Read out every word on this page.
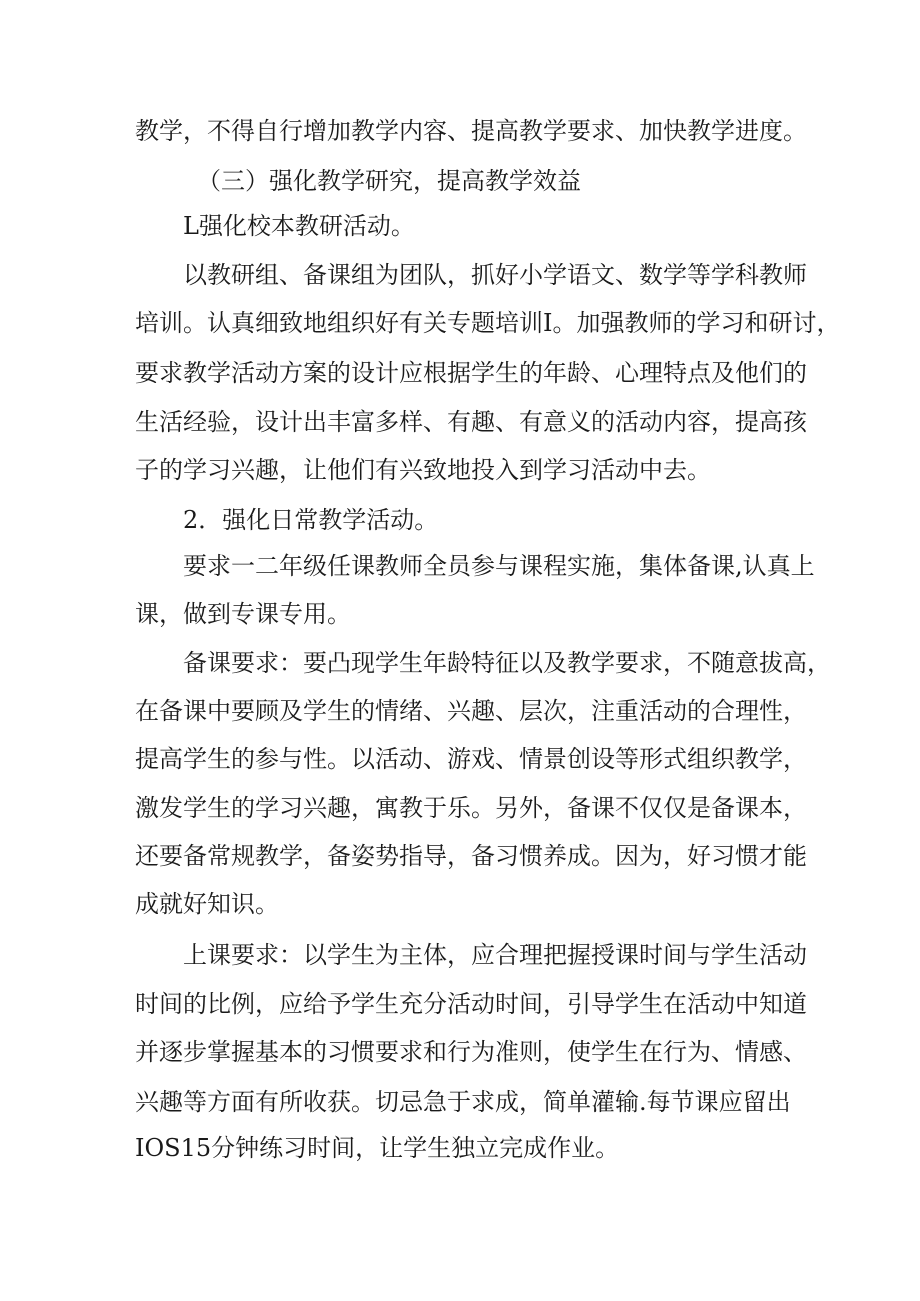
教学，不得自行增加教学内容、提高教学要求、加快教学进度。
（三）强化教学研究，提高教学效益
L强化校本教研活动。
以教研组、备课组为团队，抓好小学语文、数学等学科教师
培训。认真细致地组织好有关专题培训I。加强教师的学习和研讨，
要求教学活动方案的设计应根据学生的年龄、心理特点及他们的
生活经验，设计出丰富多样、有趣、有意义的活动内容，提高孩
子的学习兴趣，让他们有兴致地投入到学习活动中去。
2．强化日常教学活动。
要求一二年级任课教师全员参与课程实施，集体备课,认真上
课，做到专课专用。
备课要求：要凸现学生年龄特征以及教学要求，不随意拔高，
在备课中要顾及学生的情绪、兴趣、层次，注重活动的合理性，
提高学生的参与性。以活动、游戏、情景创设等形式组织教学，
激发学生的学习兴趣，寓教于乐。另外，备课不仅仅是备课本，
还要备常规教学，备姿势指导，备习惯养成。因为，好习惯才能
成就好知识。
上课要求：以学生为主体，应合理把握授课时间与学生活动
时间的比例，应给予学生充分活动时间，引导学生在活动中知道
并逐步掌握基本的习惯要求和行为准则，使学生在行为、情感、
兴趣等方面有所收获。切忌急于求成，简单灌输.每节课应留出
IOS15分钟练习时间，让学生独立完成作业。
